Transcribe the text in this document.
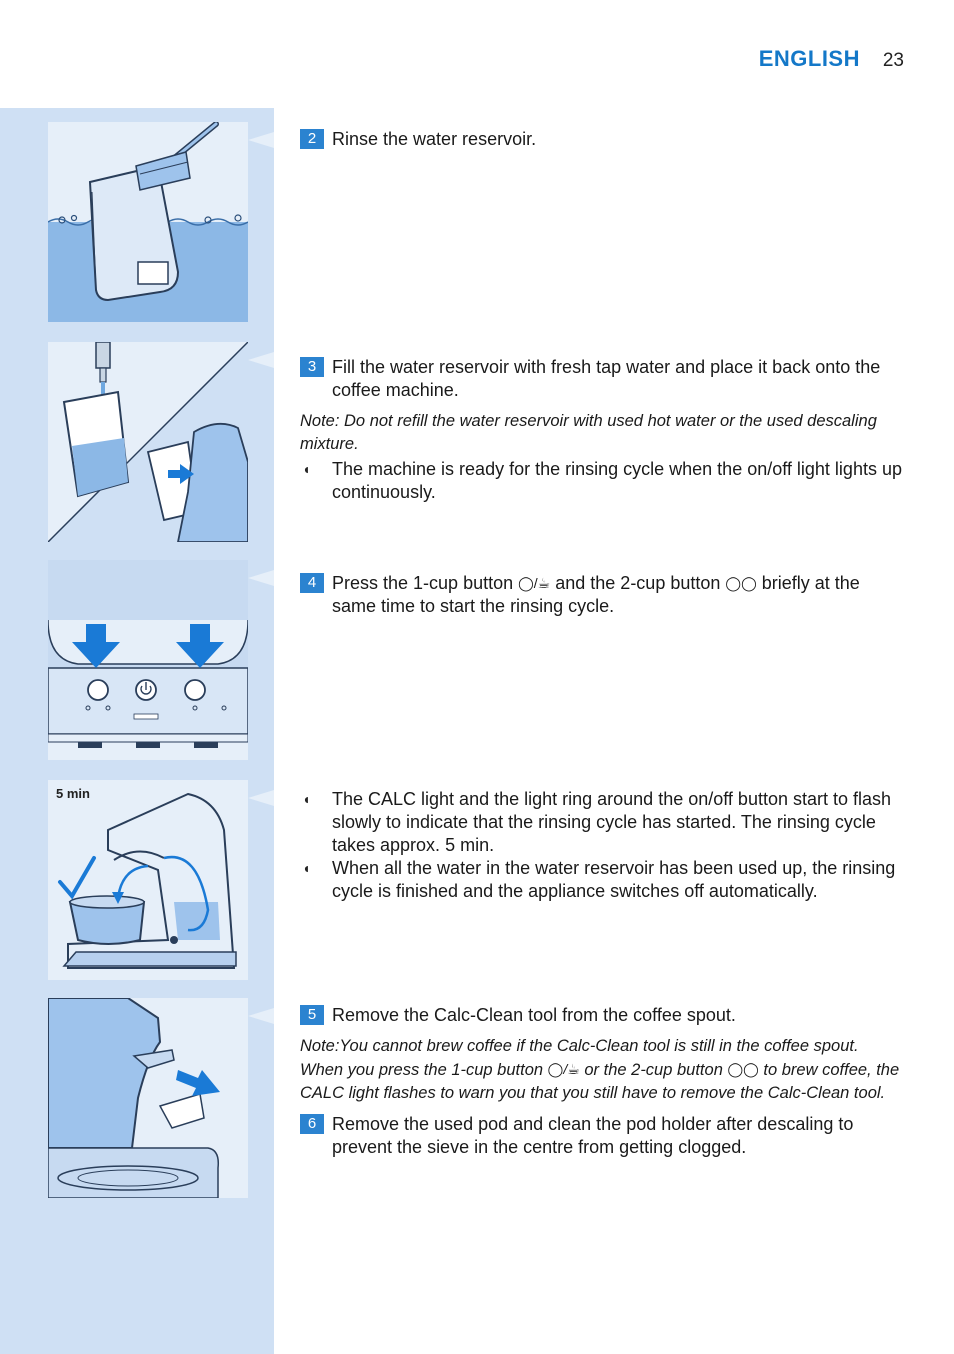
ENGLISH 23
5 min
2 Rinse the water reservoir.
3 Fill the water reservoir with fresh tap water and place it back onto the coffee machine.

Note: Do not refill the water reservoir with used hot water or the used descaling mixture.

◖ The machine is ready for the rinsing cycle when the on/off light lights up continuously.
4 Press the 1-cup button ◯/☕ and the 2-cup button ◯◯ briefly at the same time to start the rinsing cycle.
◖ The CALC light and the light ring around the on/off button start to flash slowly to indicate that the rinsing cycle has started. The rinsing cycle takes approx. 5 min.
◖ When all the water in the water reservoir has been used up, the rinsing cycle is finished and the appliance switches off automatically.
5 Remove the Calc-Clean tool from the coffee spout.

Note:You cannot brew coffee if the Calc-Clean tool is still in the coffee spout. When you press the 1-cup button ◯/☕ or the 2-cup button ◯◯ to brew coffee, the CALC light flashes to warn you that you still have to remove the Calc-Clean tool.

6 Remove the used pod and clean the pod holder after descaling to prevent the sieve in the centre from getting clogged.
